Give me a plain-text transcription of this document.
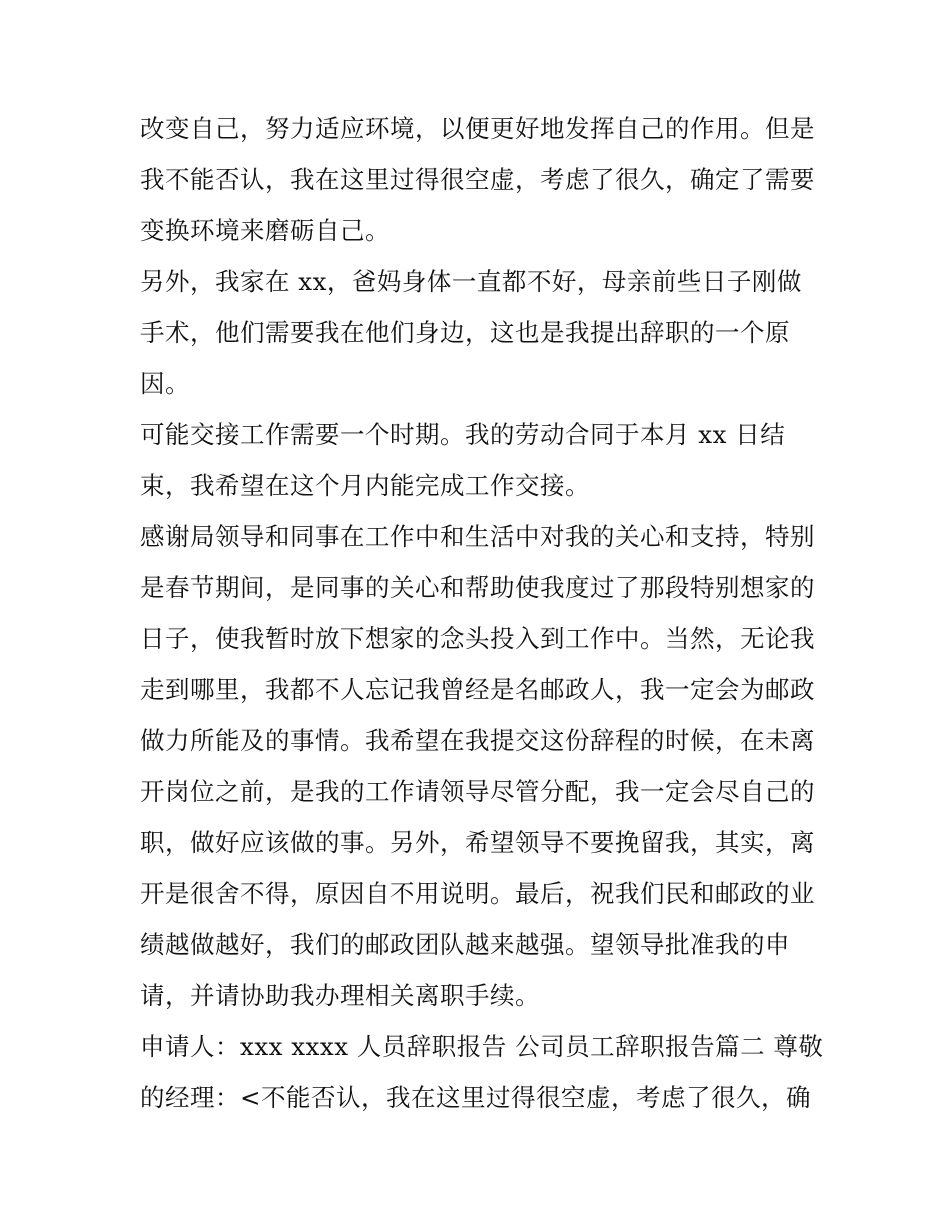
改变自己，努力适应环境，以便更好地发挥自己的作用。但是
我不能否认，我在这里过得很空虚，考虑了很久，确定了需要
变换环境来磨砺自己。
另外，我家在 xx，爸妈身体一直都不好，母亲前些日子刚做
手术，他们需要我在他们身边，这也是我提出辞职的一个原
因。
可能交接工作需要一个时期。我的劳动合同于本月 xx 日结
束，我希望在这个月内能完成工作交接。
感谢局领导和同事在工作中和生活中对我的关心和支持，特别
是春节期间，是同事的关心和帮助使我度过了那段特别想家的
日子，使我暂时放下想家的念头投入到工作中。当然，无论我
走到哪里，我都不人忘记我曾经是名邮政人，我一定会为邮政
做力所能及的事情。我希望在我提交这份辞程的时候，在未离
开岗位之前，是我的工作请领导尽管分配，我一定会尽自己的
职，做好应该做的事。另外，希望领导不要挽留我，其实，离
开是很舍不得，原因自不用说明。最后，祝我们民和邮政的业
绩越做越好，我们的邮政团队越来越强。望领导批准我的申
请，并请协助我办理相关离职手续。
申请人：xxx xxxx 人员辞职报告 公司员工辞职报告篇二 尊敬
的经理：<不能否认，我在这里过得很空虚，考虑了很久，确
